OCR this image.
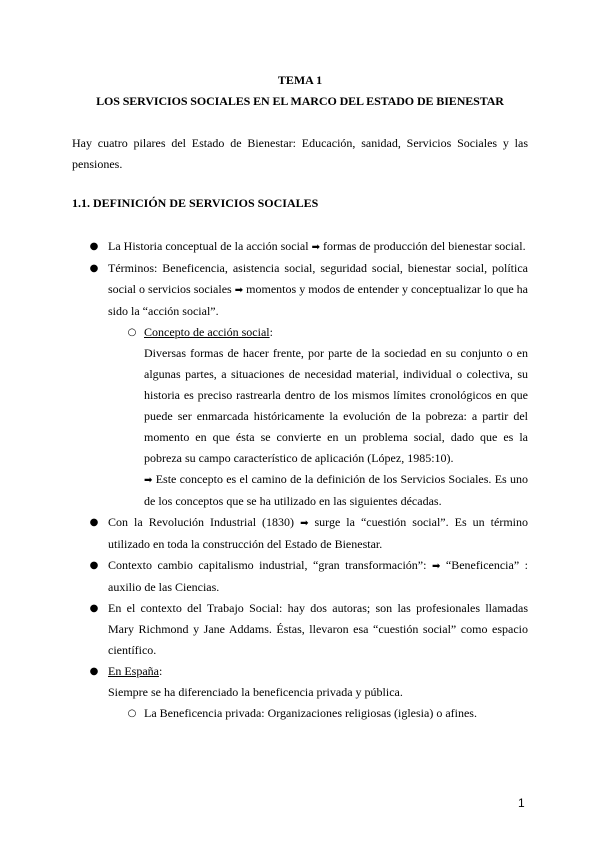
TEMA 1
LOS SERVICIOS SOCIALES EN EL MARCO DEL ESTADO DE BIENESTAR
Hay cuatro pilares del Estado de Bienestar: Educación, sanidad, Servicios Sociales y las pensiones.
1.1. DEFINICIÓN DE SERVICIOS SOCIALES
● La Historia conceptual de la acción social ➡ formas de producción del bienestar social.
● Términos: Beneficencia, asistencia social, seguridad social, bienestar social, política social o servicios sociales ➡ momentos y modos de entender y conceptualizar lo que ha sido la “acción social”.
○ Concepto de acción social:
Diversas formas de hacer frente, por parte de la sociedad en su conjunto o en algunas partes, a situaciones de necesidad material, individual o colectiva, su historia es preciso rastrearla dentro de los mismos límites cronológicos en que puede ser enmarcada históricamente la evolución de la pobreza: a partir del momento en que ésta se convierte en un problema social, dado que es la pobreza su campo característico de aplicación (López, 1985:10).
➡ Este concepto es el camino de la definición de los Servicios Sociales. Es uno de los conceptos que se ha utilizado en las siguientes décadas.
● Con la Revolución Industrial (1830) ➡ surge la “cuestión social”. Es un término utilizado en toda la construcción del Estado de Bienestar.
● Contexto cambio capitalismo industrial, “gran transformación”: ➡ “Beneficencia” : auxilio de las Ciencias.
● En el contexto del Trabajo Social: hay dos autoras; son las profesionales llamadas Mary Richmond y Jane Addams. Éstas, llevaron esa “cuestión social” como espacio científico.
● En España:
Siempre se ha diferenciado la beneficencia privada y pública.
○ La Beneficencia privada: Organizaciones religiosas (iglesia) o afines.
1
